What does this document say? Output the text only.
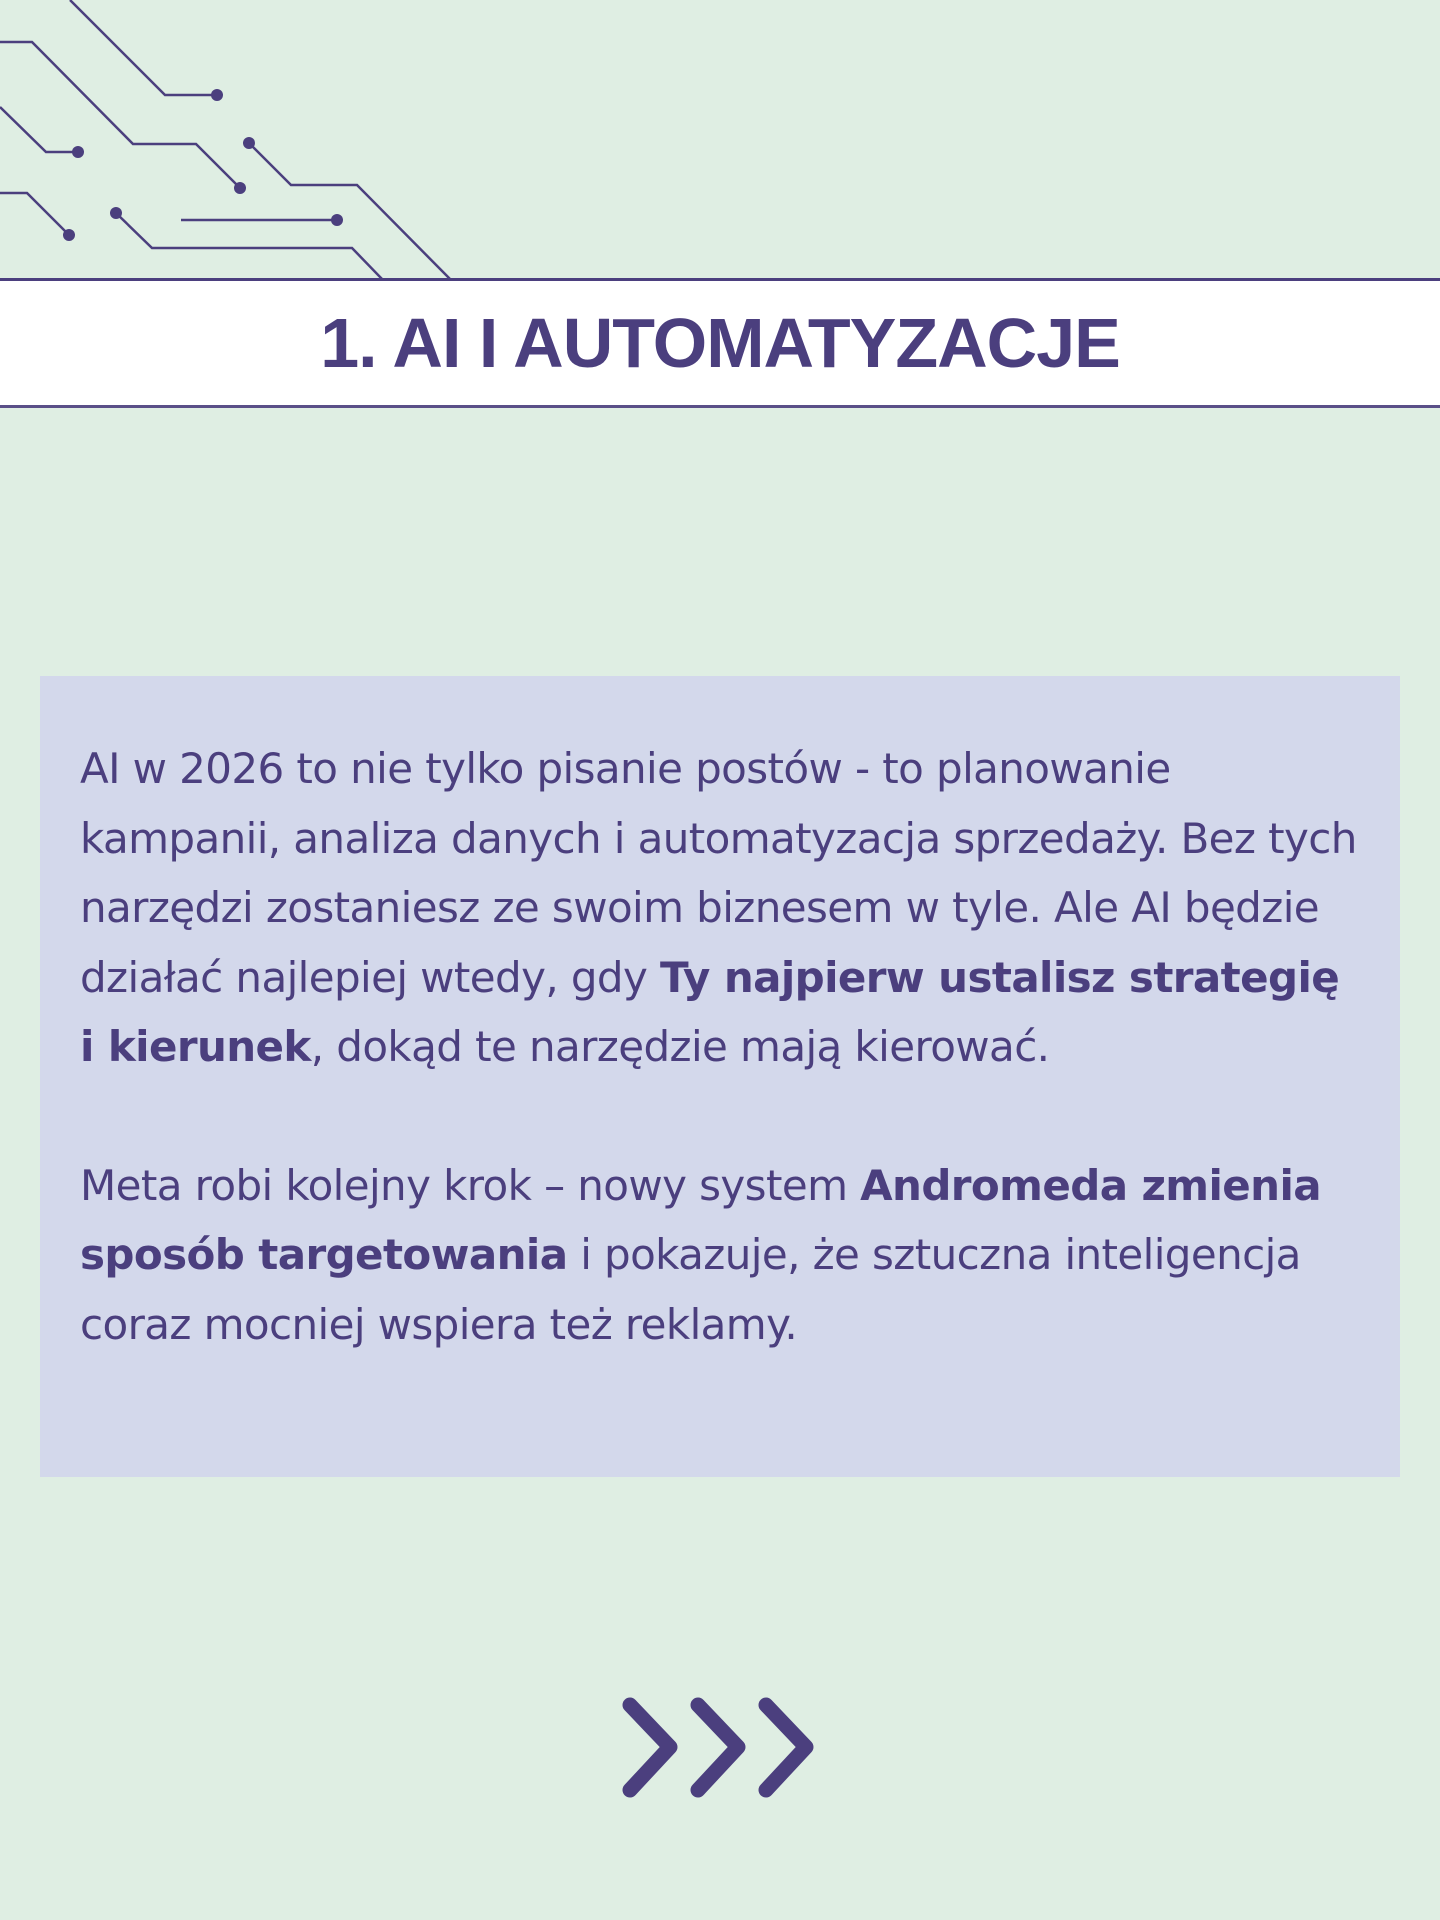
1. AI I AUTOMATYZACJE

AI w 2026 to nie tylko pisanie postów - to planowanie kampanii, analiza danych i automatyzacja sprzedaży. Bez tych narzędzi zostaniesz ze swoim biznesem w tyle. Ale AI będzie działać najlepiej wtedy, gdy Ty najpierw ustalisz strategię i kierunek, dokąd te narzędzie mają kierować.

Meta robi kolejny krok – nowy system Andromeda zmienia sposób targetowania i pokazuje, że sztuczna inteligencja coraz mocniej wspiera też reklamy.
